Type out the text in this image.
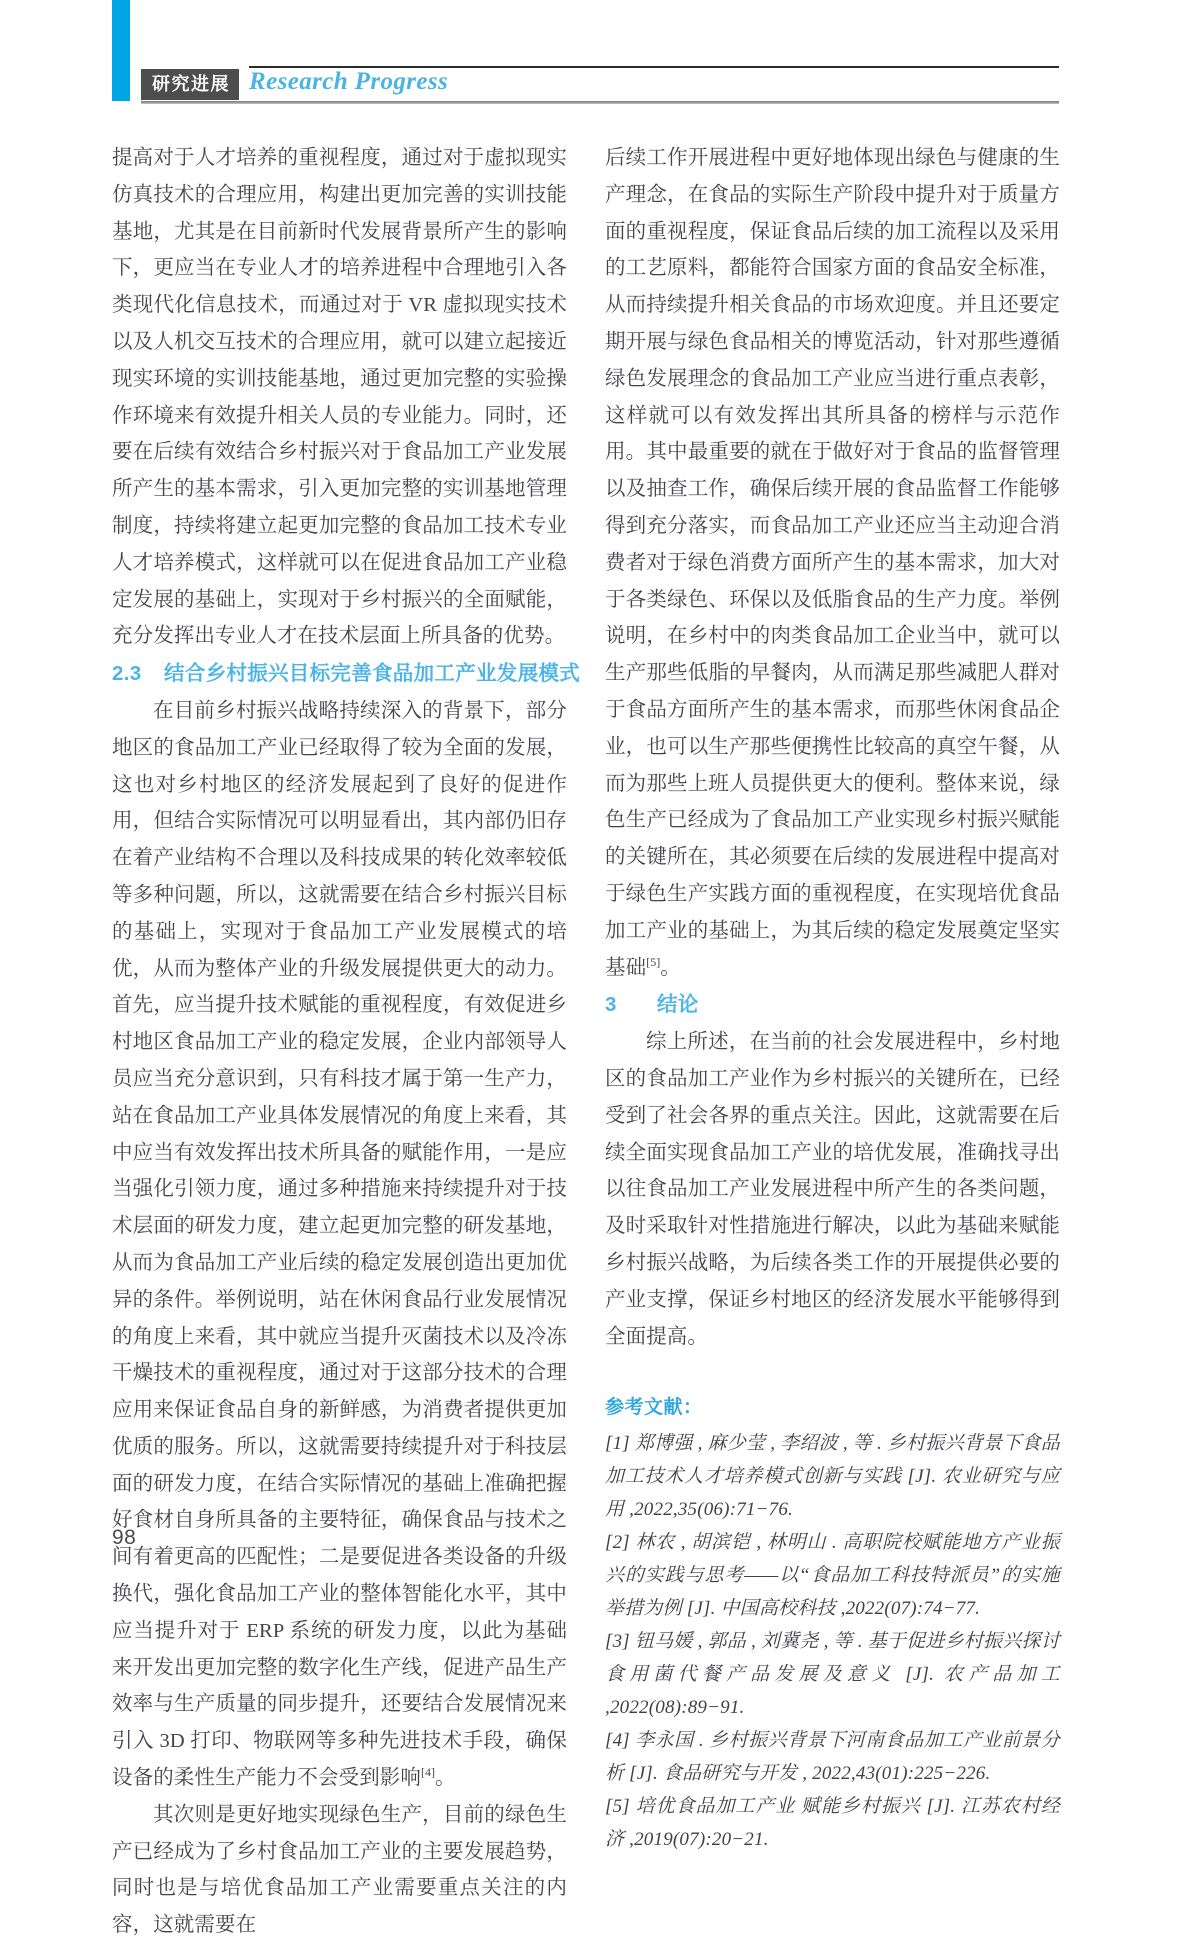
研究进展 Research Progress

提高对于人才培养的重视程度，通过对于虚拟现实仿真技术的合理应用，构建出更加完善的实训技能基地，尤其是在目前新时代发展背景所产生的影响下，更应当在专业人才的培养进程中合理地引入各类现代化信息技术，而通过对于 VR 虚拟现实技术以及人机交互技术的合理应用，就可以建立起接近现实环境的实训技能基地，通过更加完整的实验操作环境来有效提升相关人员的专业能力。同时，还要在后续有效结合乡村振兴对于食品加工产业发展所产生的基本需求，引入更加完整的实训基地管理制度，持续将建立起更加完整的食品加工技术专业人才培养模式，这样就可以在促进食品加工产业稳定发展的基础上，实现对于乡村振兴的全面赋能，充分发挥出专业人才在技术层面上所具备的优势。

2.3 结合乡村振兴目标完善食品加工产业发展模式

在目前乡村振兴战略持续深入的背景下，部分地区的食品加工产业已经取得了较为全面的发展，这也对乡村地区的经济发展起到了良好的促进作用，但结合实际情况可以明显看出，其内部仍旧存在着产业结构不合理以及科技成果的转化效率较低等多种问题，所以，这就需要在结合乡村振兴目标的基础上，实现对于食品加工产业发展模式的培优，从而为整体产业的升级发展提供更大的动力。首先，应当提升技术赋能的重视程度，有效促进乡村地区食品加工产业的稳定发展，企业内部领导人员应当充分意识到，只有科技才属于第一生产力，站在食品加工产业具体发展情况的角度上来看，其中应当有效发挥出技术所具备的赋能作用，一是应当强化引领力度，通过多种措施来持续提升对于技术层面的研发力度，建立起更加完整的研发基地，从而为食品加工产业后续的稳定发展创造出更加优异的条件。举例说明，站在休闲食品行业发展情况的角度上来看，其中就应当提升灭菌技术以及冷冻干燥技术的重视程度，通过对于这部分技术的合理应用来保证食品自身的新鲜感，为消费者提供更加优质的服务。所以，这就需要持续提升对于科技层面的研发力度，在结合实际情况的基础上准确把握好食材自身所具备的主要特征，确保食品与技术之间有着更高的匹配性；二是要促进各类设备的升级换代，强化食品加工产业的整体智能化水平，其中应当提升对于 ERP 系统的研发力度，以此为基础来开发出更加完整的数字化生产线，促进产品生产效率与生产质量的同步提升，还要结合发展情况来引入 3D 打印、物联网等多种先进技术手段，确保设备的柔性生产能力不会受到影响[4]。

其次则是更好地实现绿色生产，目前的绿色生产已经成为了乡村食品加工产业的主要发展趋势，同时也是与培优食品加工产业需要重点关注的内容，这就需要在

后续工作开展进程中更好地体现出绿色与健康的生产理念，在食品的实际生产阶段中提升对于质量方面的重视程度，保证食品后续的加工流程以及采用的工艺原料，都能符合国家方面的食品安全标准，从而持续提升相关食品的市场欢迎度。并且还要定期开展与绿色食品相关的博览活动，针对那些遵循绿色发展理念的食品加工产业应当进行重点表彰，这样就可以有效发挥出其所具备的榜样与示范作用。其中最重要的就在于做好对于食品的监督管理以及抽查工作，确保后续开展的食品监督工作能够得到充分落实，而食品加工产业还应当主动迎合消费者对于绿色消费方面所产生的基本需求，加大对于各类绿色、环保以及低脂食品的生产力度。举例说明，在乡村中的肉类食品加工企业当中，就可以生产那些低脂的早餐肉，从而满足那些减肥人群对于食品方面所产生的基本需求，而那些休闲食品企业，也可以生产那些便携性比较高的真空午餐，从而为那些上班人员提供更大的便利。整体来说，绿色生产已经成为了食品加工产业实现乡村振兴赋能的关键所在，其必须要在后续的发展进程中提高对于绿色生产实践方面的重视程度，在实现培优食品加工产业的基础上，为其后续的稳定发展奠定坚实基础[5]。

3 结论

综上所述，在当前的社会发展进程中，乡村地区的食品加工产业作为乡村振兴的关键所在，已经受到了社会各界的重点关注。因此，这就需要在后续全面实现食品加工产业的培优发展，准确找寻出以往食品加工产业发展进程中所产生的各类问题，及时采取针对性措施进行解决，以此为基础来赋能乡村振兴战略，为后续各类工作的开展提供必要的产业支撑，保证乡村地区的经济发展水平能够得到全面提高。

参考文献：

[1] 郑博强 , 麻少莹 , 李绍波 , 等 . 乡村振兴背景下食品加工技术人才培养模式创新与实践 [J]. 农业研究与应用 ,2022,35(06):71−76.

[2] 林农 , 胡滨铠 , 林明山 . 高职院校赋能地方产业振兴的实践与思考——以“食品加工科技特派员”的实施举措为例 [J]. 中国高校科技 ,2022(07):74−77.

[3] 钮马媛 , 郭品 , 刘冀尧 , 等 . 基于促进乡村振兴探讨食用菌代餐产品发展及意义 [J]. 农产品加工 ,2022(08):89−91.

[4] 李永国 . 乡村振兴背景下河南食品加工产业前景分析 [J]. 食品研究与开发 , 2022,43(01):225−226.

[5] 培优食品加工产业 赋能乡村振兴 [J]. 江苏农村经济 ,2019(07):20−21.

98
